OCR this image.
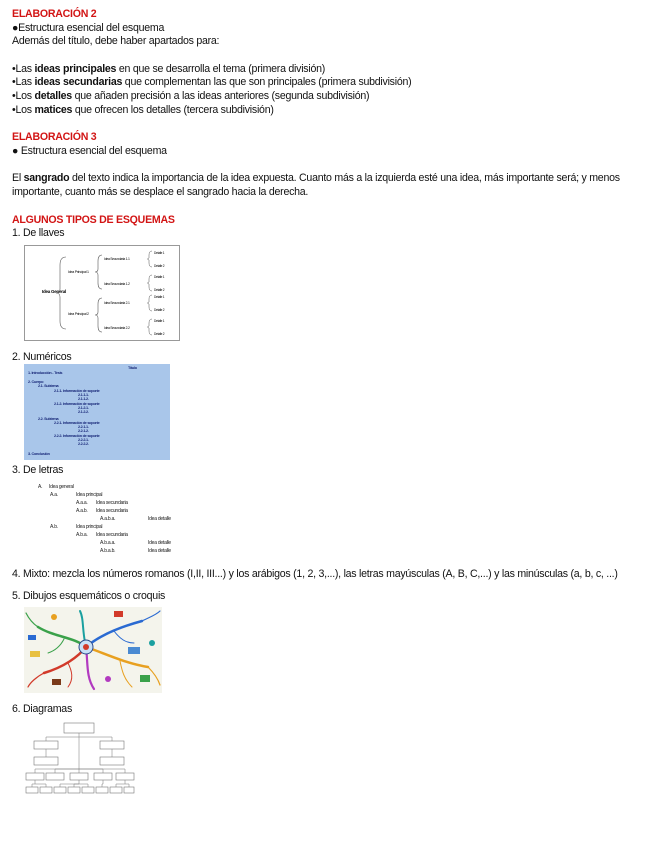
ELABORACIÓN 2

●Estructura esencial del esquema

Además del título, debe haber apartados para:

•Las ideas principales en que se desarrolla el tema (primera división)

•Las ideas secundarias que complementan las que son principales (primera subdivisión)

•Los detalles que añaden precisión a las ideas anteriores (segunda subdivisión)

•Los matices que ofrecen los detalles (tercera subdivisión)

ELABORACIÓN 3

● Estructura esencial del esquema

El sangrado del texto indica la importancia de la idea expuesta. Cuanto más a la izquierda esté una idea, más importante será; y menos importante, cuanto más se desplace el sangrado hacia la derecha.

ALGUNOS TIPOS DE ESQUEMAS

1. De llaves

Idea General
Idea Principal 1
Idea Principal 2
Idea Secundaria 1.1
Idea Secundaria 1.2
Idea Secundaria 2.1
Idea Secundaria 2.2
Detalle 1
Detalle 2
Detalle 1
Detalle 2
Detalle 1
Detalle 2
Detalle 1
Detalle 2

2. Numéricos

Título
1. Introducción - Tesis
2. Cuerpo
2.1. Subtema
2.1.1. Información de soporte
2.1.1.1.
2.1.1.2.
2.1.2. Información de soporte
2.1.2.1.
2.1.2.2.
2.2. Subtema
2.2.1. Información de soporte
2.2.1.1.
2.2.1.2.
2.2.2. Información de soporte
2.2.2.1.
2.2.2.2.
3. Conclusión

3. De letras

A. Idea general
A.a.	Idea principal
A.a.a. Idea secundaria
A.a.b. Idea secundaria
A.a.b.a.	Idea detalle
A.b.	Idea principal
A.b.a. Idea secundaria
A.b.a.a.	Idea detalle
A.b.a.b.	Idea detalle

4. Mixto: mezcla los números romanos (I,II, III...) y los arábigos (1, 2, 3,...), las letras mayúsculas (A, B, C,...) y las minúsculas (a, b, c, ...)

5. Dibujos esquemáticos o croquis

6. Diagramas
